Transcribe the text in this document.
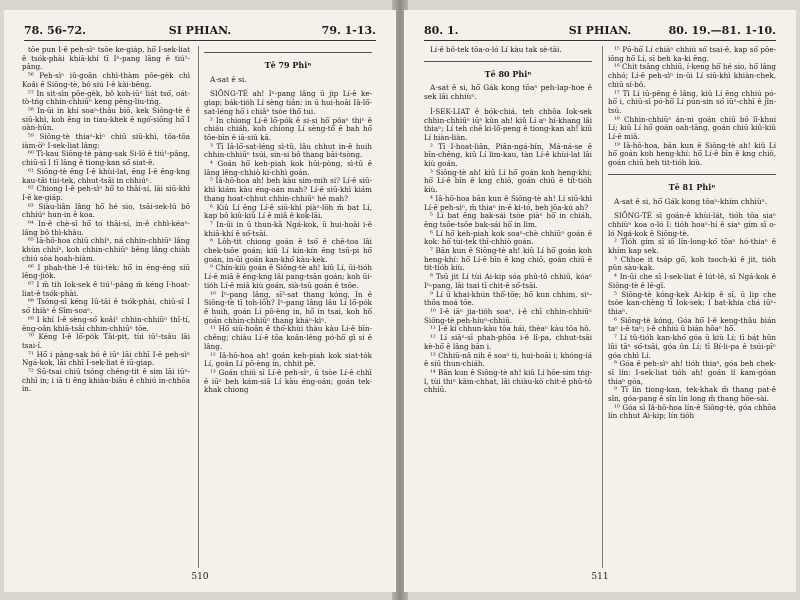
78. 56-72.	SI PHIAN.	79. 1-13.

tōe pun I-ê peh-sìⁿ tsōe ke-giáp, hō͘ I-sek-liat ê tsók-phài khiā-khí tī Iⁿ-pang lāng ê tiú¹-pâng.

⁵⁶ Peh-sìⁿ iû-goân chhì-thàm pōe-gèk chì Koâi ê Siōng-tè, bô siú I-ê kài-bēng.

⁵⁷ In sit-sìn pōe-gèk, bô koh-iūⁿ liát tsó͘, oát-tò-tńg chhin-chhiūⁿ keng pêng-liu-tńg.

⁵⁸ In-ūi in khí soaⁿ-thâu biō, kek Siōng-tè ê siū-khì, koh ēng in tiau-khek ê ngó͘-siōng hō͘ I oàn-hūn.

⁵⁹ Siōng-tè thiaⁿ-kìⁿ chiū siū-khì, tōa-tōa iàm-ò͘ⁿ I-sek-liat lâng:

⁶⁰ Tì-kau Siōng-tè pàng-sak Si-lō ê tiú¹-pâng, chiū-sī I tī lâng ê tiong-kan só͘ siat-ê.

⁶¹ Siōng-tè ēng I-ê khùi-lat, ēng I-ê êng-kng kau-tāi tùi-tek, chhut-tsāi in chhiúⁿ.

⁶² Chiong I-ê peh-sìⁿ hō͘ to thāi-sí, lāi siū-khì I-ê ke-giáp.

⁶³ Siàu-liân lâng hō͘ hé sio, tsāi-sek-lú bô chhiúⁿ hun-in ê koa.

⁶⁴ In-ê chè-sī hō͘ to͘ thāi-sí, in-ê chhì-kéaⁿ-lâng bô thì-khàu.

⁶⁵ Iā-hō-hoa chiū chhíⁿ, ná chhin-chhiūⁿ lâng khùn chhíⁿ, koh chhin-chhiūⁿ bêng lâng chiàh chiú sòa hoah-hiàm.

⁶⁶ I phah-thè I-ê tùi-tèk: hō͘ in éng-éng siū lêng-jiók.

⁶⁷ I m̄ tih Iok-sek ê tiú¹-pâng m̄ kéng I-hoat-liat-ê tsók-phài.

⁶⁸ Tsóng-sī kéng Iû-tāi ê tsók-phài, chiū-sī I só͘ thiàⁿ ê Sîm-soaⁿ.

⁶⁹ I khí I-ê sèng-só͘ koâi¹ chhin-chhiūⁿ thî-tí, ēng-oân khiā-tsāi chhin-chhiūⁿ tōe.

⁷⁰ Kéng I-ê lō͘-pók Tāi-pit, tùi iū¹-tsâu lāi tsai-î.

⁷¹ Hō͘ i pàng-sak bó ê iūⁿ lāi chhī I-ê peh-sìⁿ Ngá-kok, lāi chhī I-sek-liat ê iū-giap.

⁷² Sū-tsai chiū tsóng chéng-tit ê sim lāi iūⁿ-chhī in; i iā ti ēng khiàu-biāu ê chhiú in-chhōa in.

Tē 79 Phiⁿ
A-sat ê si.

SIŌNG-TÈ ah! Iⁿ-pang lâng ū jip Lí-ê ke-giap; bák-tióh Lí sèng tiān: in ū hui-hoāi Iâ-lō͘-sat-léng hō͘ i chiâⁿ tsòe thô͘ tui.

² In chiong Lí-ê lō͘-pók ê si-si hō͘ pōaⁿ thiⁿ ê chiáu chiáh, koh chiong Lí sèng-tô͘ ê bah hō͘ tōe-bīn ê iā-siū kā.

³ Tī Iâ-lō͘-sat-léng sì-tû, lâu chhut in-ê huih chhin-chhiūⁿ tsúi, sin-si bô thang bāi-tsòng.

⁴ Goán hō͘ keh-piah kok hūi-pòng, sì-tū ê lâng lêng-chhiò ki-chhì goán.

⁵ Iâ-hō-hoa ah! beh kàu sím-mih si? Lí-ê siū-khì kiám kàu éng-oán mah? Lí-ê siū-khì kiám thang hoat-chhut chhin-chhiūⁿ hé mah?

⁶ Kiû Lí ēng Lí-ê siū-khì piàⁿ-lōh m̄ bat Lí, kap bô kiû-kiû Lí ê miâ ê kok-lāi.

⁷ In-ūi in ū thun-kā Ngá-kok, ū hui-hoāi i-ê khiā-khí ê só͘-tsāi.

⁸ Lōh-tit chiong goán ê tsó͘ ê chē-toa lâi chek-tsōe goán; kiû Lí kín-kín ēng tsū-pi hō͘ goán, in-ūi goán kan-khó͘ kàu-kek.

⁹ Chín-kiù goán ê Siōng-tè ah! kiû Lí, ūi-tióh Lí-ê miâ ê êng-kng lâi pang-tsān goán; koh ūi-tióh Lí-ê miâ kiù goán, sià-tsū goán ê tsōe.

¹⁰ Iⁿ-pang lâng, sī²-sat thang kóng, In ê Siōng-tè tī toh-lōh? Iⁿ-pang lâng lâu Lí lō͘-pók ê huih, goán Lí pō-èng in, hō͘ in tsai, koh hō͘ goán chhin-chhiūⁿ thang kháⁿ-kìⁿ.

¹¹ Hō͘ siū-hoān ê thó͘-khùi thàu kàu Lí-ê bīn-chêng; chiàu Lí-ê tōa koân-lêng pó-hō͘ gī sí ê lâng.

¹² Iâ-hō-hoa ah! goán keh-piah kok siat-tók Lí, goán Lí pō-èng in, chhit pē.

¹³ Goán chiū sī Lí-ê peh-sìⁿ, ū tsòe Lí-ê chhī ê iūⁿ beh kám-siā Lí kàu éng-oán; goán tek-khak chiong

510
80. 1.	SI PHIAN.	80. 19.—81. 1-10.

Lí-ê bô-tek tōa-o-ló Lí kàu tak sè-tāi.

Tē 80 Phiⁿ
A-sat ê si, hō͘ Gák kong tōaⁿ peh-lap-hoe ê sek lâi chhiùⁿ.

Í-SEK-LIAT ê bók-chiá, teh chhōa Iok-sek chhin-chhiūⁿ iūⁿ kûn ah! kiû Lí aⁿ hí-khang lâi thiaⁿ; Lí teh chē ki-lô͘-peng ê tiong-kan ah! kiû Lí hiàn-liàn.

² Tī I-hoat-liân, Piân-ngá-bín, Má-ná-se ê bīn-chêng, kiû Lí lim-kau, tàn Lí-ê khùi-lat lâi kiù goán.

³ Siōng-tè ah! kiû Lí hō͘ goán koh heng-khí; hō͘ Lí-ê bīn ê kng chiō, goán chiū ē tit-tióh kiù.

⁴ Iâ-hō-hoa bān kun ê Siōng-tè ah! Lí siū-khì Lí-ê peh-sìⁿ, m̄ thiaⁿ in-ê ki-tó, beh jōa-kú ah?

⁵ Lí bat ēng bak-sái tsòe piàⁿ hō͘ in chiáh, ēng tsōe-tsōe bak-sái hō͘ in lim.

⁶ Lí hō͘ keh-piah kok soaⁿ-chè chhiūⁿ goán ê kok: hō͘ tùi-tek thī-chhiò goán.

⁷ Bān kun ê Siōng-tè ah! kiû Lí hō͘ goán koh heng-khí: hō͘ Lí-ê bīn ê kng chiō, goán chiū ē tit-tióh kiù.

⁸ Tsū jit Lí tùi Ai-kip sóa phû-tô chhiū, kóaⁿ Iⁿ-pang, lâi tsai tī chit-ê só͘-tsāi.

⁹ Lí ū khai-khún thô͘-tōe; hō͘ kun chhim, siⁿ-thōa moá tōe.

¹⁰ I-ê iāⁿ jia-tióh soaⁿ, i-ê chī chhin-chhiūⁿ Siōng-tè peh-hiuⁿ-chhiū.

¹¹ I-ê ki chhun-kàu tōa hái, thèaⁿ kàu tōa hô.

¹² Lí siāⁿ-sī phah-phōa i-ê lî-pa, chhut-tsāi kè-hō͘ ê lâng bān i.

¹³ Chhiū-nâ nih ê soaⁿ ti, hui-hoāi i; khóng-iá ê siū thun-chiáh.

¹⁴ Bān kun ê Siōng-tè ah! kiû Lí hōe-sim tńg-l, tùi thiⁿ kàm-chhat, lâi chiàu-kò͘ chit-ê phû-tô chhiū.

¹⁵ Pō-hō͘ Lí chiàⁿ chhiú só͘ tsai-ê, kap só͘ pōe-iōng hō͘ Lí, sī beh ka-ki ēng.

¹⁶ Chit tsâng chhiū, í-keng hō͘ hé sio, hō͘ lâng chhó; Lí-ê peh-sìⁿ in-ūi Lí siū-khì khiàn-chek, chiū sí-bô.

¹⁷ Tī Lí iū-pêng ê lâng, kiû Lí ēng chhiú pó-hō͘ i, chiū-sī pó-hō͘ Lí pún-sin só͘ iūⁿ-chhī ê jîn-tsú.

¹⁸ Chhin-chhiūⁿ án-ni goán chiū bô lī-khui Lí; kiû Lí hō͘ goán oah-tāng, goán chiū kiû-kiû Lí-ê miâ.

¹⁹ Iâ-hō-hoa, bān kun ê Siōng-tè ah! kiû Lí hō͘ goán koh heng-khí: hō͘ Lí-ê bīn ê kng chiō, goán chiū beh tit-tióh kiù.

Tē 81 Phiⁿ
A-sat ê si, hō͘ Gák kong tōaⁿ-khím chhiùⁿ.

SIŌNG-TÈ sī goán-ê khùi-lát, tióh tōa siaⁿ chhiùⁿ koa o-ló I: tióh hoaⁿ-hí ê siaⁿ gím sī o-ló Ngá-kok ê Siōng-tè.

² Tióh gím sī iô lîn-long-kó͘ tōaⁿ hó-thiaⁿ ê khím kap sek.

³ Chhoe it tsáp gō͘, koh tsoch-kì ê jit, tióh pûn sàu-kak.

⁴ In-ūi che sī I-sek-liat ê lút-lē, sī Ngá-kok ê Siōng-tè ê lē-gī.

⁵ Siōng-tè kóng-kek Ai-kip ê sî, ū lip che tsòe kan-chèng tī Iok-sek; I bat-khia chá iūⁿ-thiaⁿ.

⁶ Siōng-tè kóng, Góa hō͘ I-ê keng-thâu bián taⁿ i-ê taⁿ; i-ê chhiú ū bián hōaⁿ hō͘.

⁷ Lí tû-tióh kan-khó͘ góa ū kiù Lí; tī bát hûn lûi tāⁿ só͘-tsāi, góa ûn Lí; tī Bí-li-pa ê tsúi-pīⁿ góa chhì Lí.

⁸ Góa ê peh-sìⁿ ah! tióh thiaⁿ, góa beh chek-sī lín: I-sek-liat tióh ah! goán lí kam-góan thiaⁿ góa,

⁹ Tī lín tiong-kan, tek-khak m̄ thang pat-ê sîn, góa-pang ê sîn lín long m̄ thang hōe-sài.

¹⁰ Góa sī Iâ-hō-hoa lín-ê Siōng-tè, góa chhōa lín chhut Ai-kip; lín tióh

511
